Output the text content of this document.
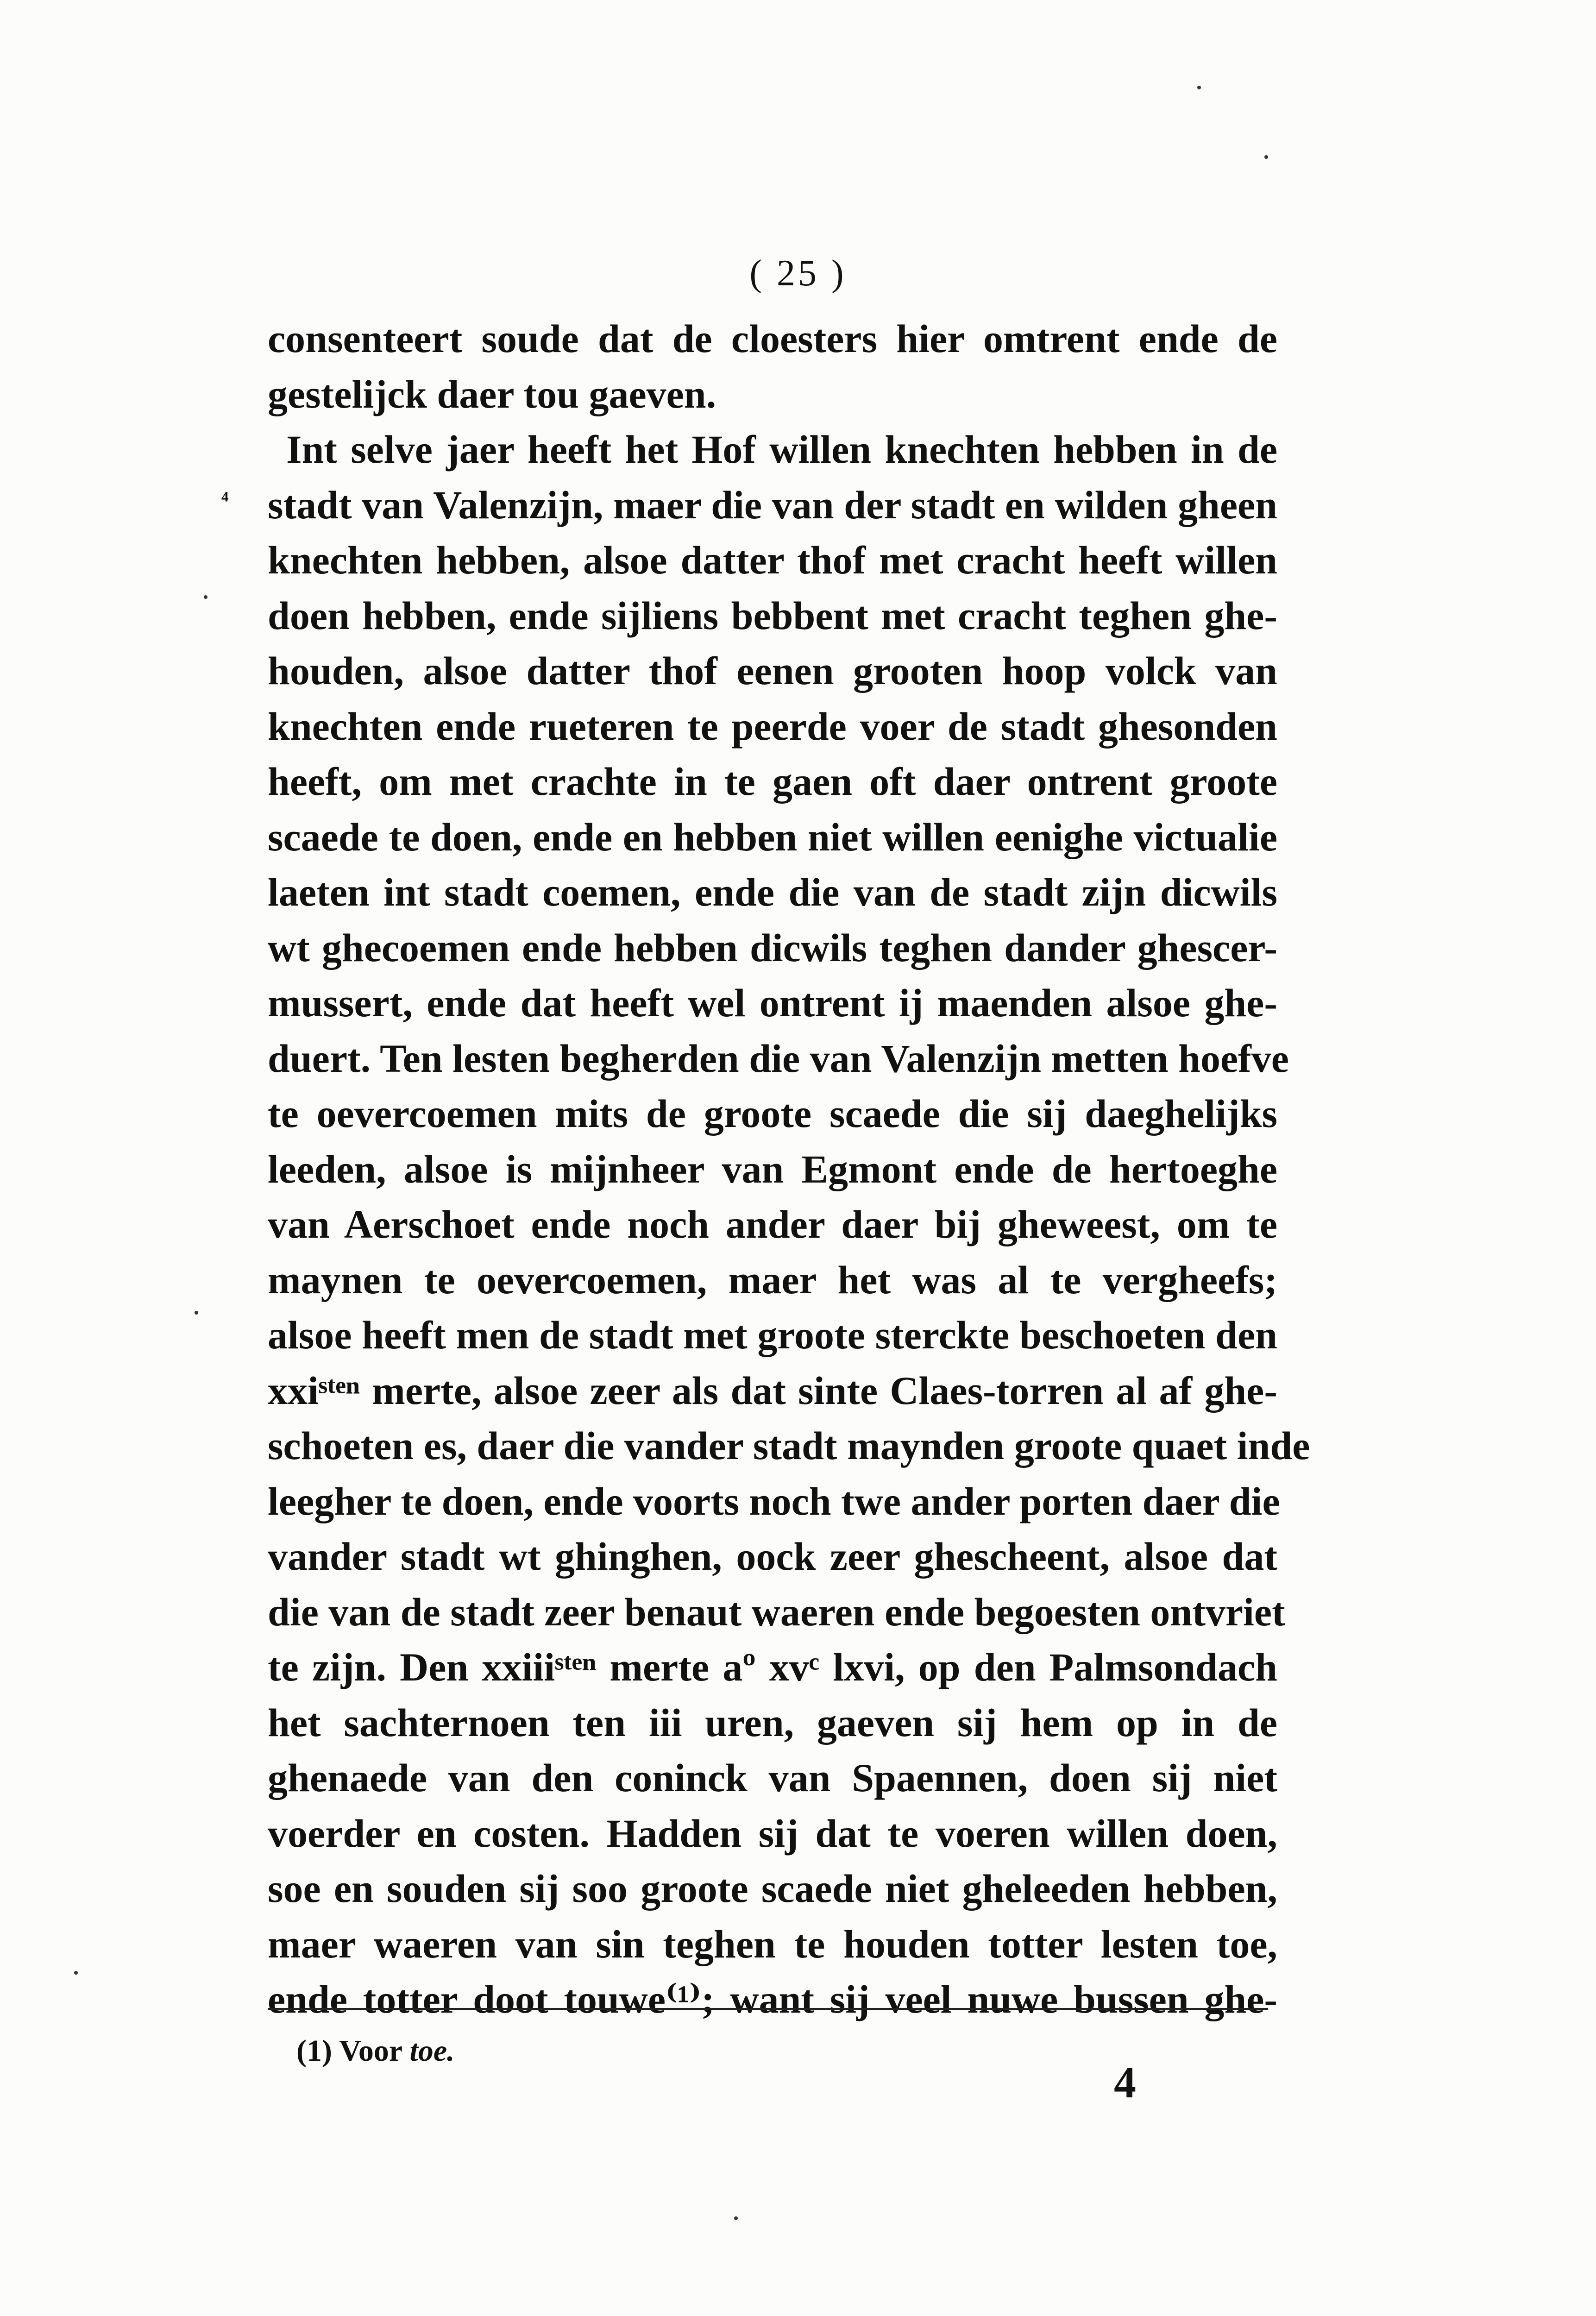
( 25 )
⁴
consenteert soude dat de cloesters hier omtrent ende de
gestelijck daer tou gaeven.
Int selve jaer heeft het Hof willen knechten hebben in de
stadt van Valenzijn, maer die van der stadt en wilden gheen
knechten hebben, alsoe datter thof met cracht heeft willen
doen hebben, ende sijliens bebbent met cracht teghen ghe-
houden, alsoe datter thof eenen grooten hoop volck van
knechten ende rueteren te peerde voer de stadt ghesonden
heeft, om met crachte in te gaen oft daer ontrent groote
scaede te doen, ende en hebben niet willen eenighe victualie
laeten int stadt coemen, ende die van de stadt zijn dicwils
wt ghecoemen ende hebben dicwils teghen dander ghescer-
mussert, ende dat heeft wel ontrent ij maenden alsoe ghe-
duert. Ten lesten begherden die van Valenzijn metten hoefve
te oevercoemen mits de groote scaede die sij daeghelijks
leeden, alsoe is mijnheer van Egmont ende de hertoeghe
van Aerschoet ende noch ander daer bij gheweest, om te
maynen te oevercoemen, maer het was al te vergheefs;
alsoe heeft men de stadt met groote sterckte beschoeten den
xxiˢᵗᵉⁿ merte, alsoe zeer als dat sinte Claes-torren al af ghe-
schoeten es, daer die vander stadt maynden groote quaet inde
leegher te doen, ende voorts noch twe ander porten daer die
vander stadt wt ghinghen, oock zeer ghescheent, alsoe dat
die van de stadt zeer benaut waeren ende begoesten ontvriet
te zijn. Den xxiiiˢᵗᵉⁿ merte aº xvᶜ lxvi, op den Palmsondach
het sachternoen ten iii uren, gaeven sij hem op in de
ghenaede van den coninck van Spaennen, doen sij niet
voerder en costen. Hadden sij dat te voeren willen doen,
soe en souden sij soo groote scaede niet gheleeden hebben,
maer waeren van sin teghen te houden totter lesten toe,
ende totter doot touwe⁽¹⁾; want sij veel nuwe bussen ghe-
(1) Voor toe.
4
